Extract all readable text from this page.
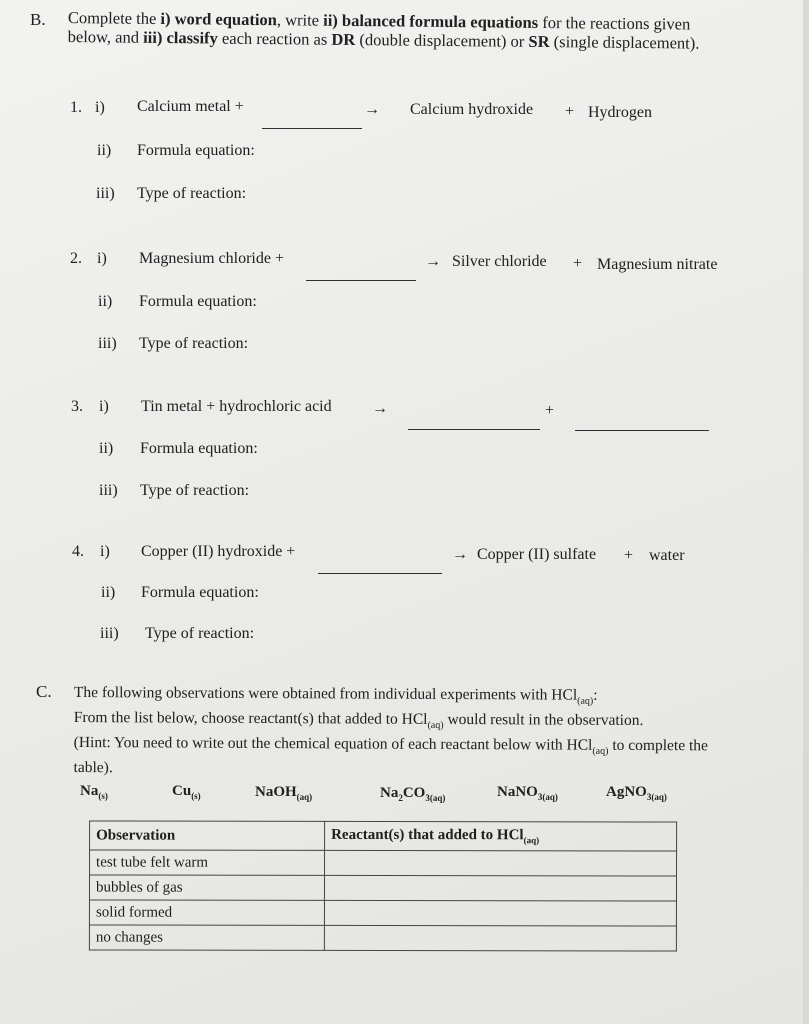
B. Complete the i) word equation, write ii) balanced formula equations for the reactions given below, and iii) classify each reaction as DR (double displacement) or SR (single displacement).
1. i) Calcium metal +	→ Calcium hydroxide + Hydrogen
ii) Formula equation:
iii) Type of reaction:
2. i) Magnesium chloride +	→ Silver chloride + Magnesium nitrate
ii) Formula equation:
iii) Type of reaction:
3. i) Tin metal + hydrochloric acid	→	+
ii) Formula equation:
iii) Type of reaction:
4. i) Copper (II) hydroxide +	→ Copper (II) sulfate + water
ii) Formula equation:
iii) Type of reaction:
C. The following observations were obtained from individual experiments with HCl$_{(aq)}$:
From the list below, choose reactant(s) that added to HCl$_{(aq)}$ would result in the observation.
(Hint: You need to write out the chemical equation of each reactant below with HCl$_{(aq)}$ to complete the table).
$Na_{(s)}$	$Cu_{(s)}$	NaOH$_{(aq)}$	$Na_2CO_{3(aq)}$	NaNO$_{3(aq)}$	AgNO$_{3(aq)}$
Observation	Reactant(s) that added to HCl$_{(aq)}$
test tube felt warm	
bubbles of gas	
solid formed	
no changes	
